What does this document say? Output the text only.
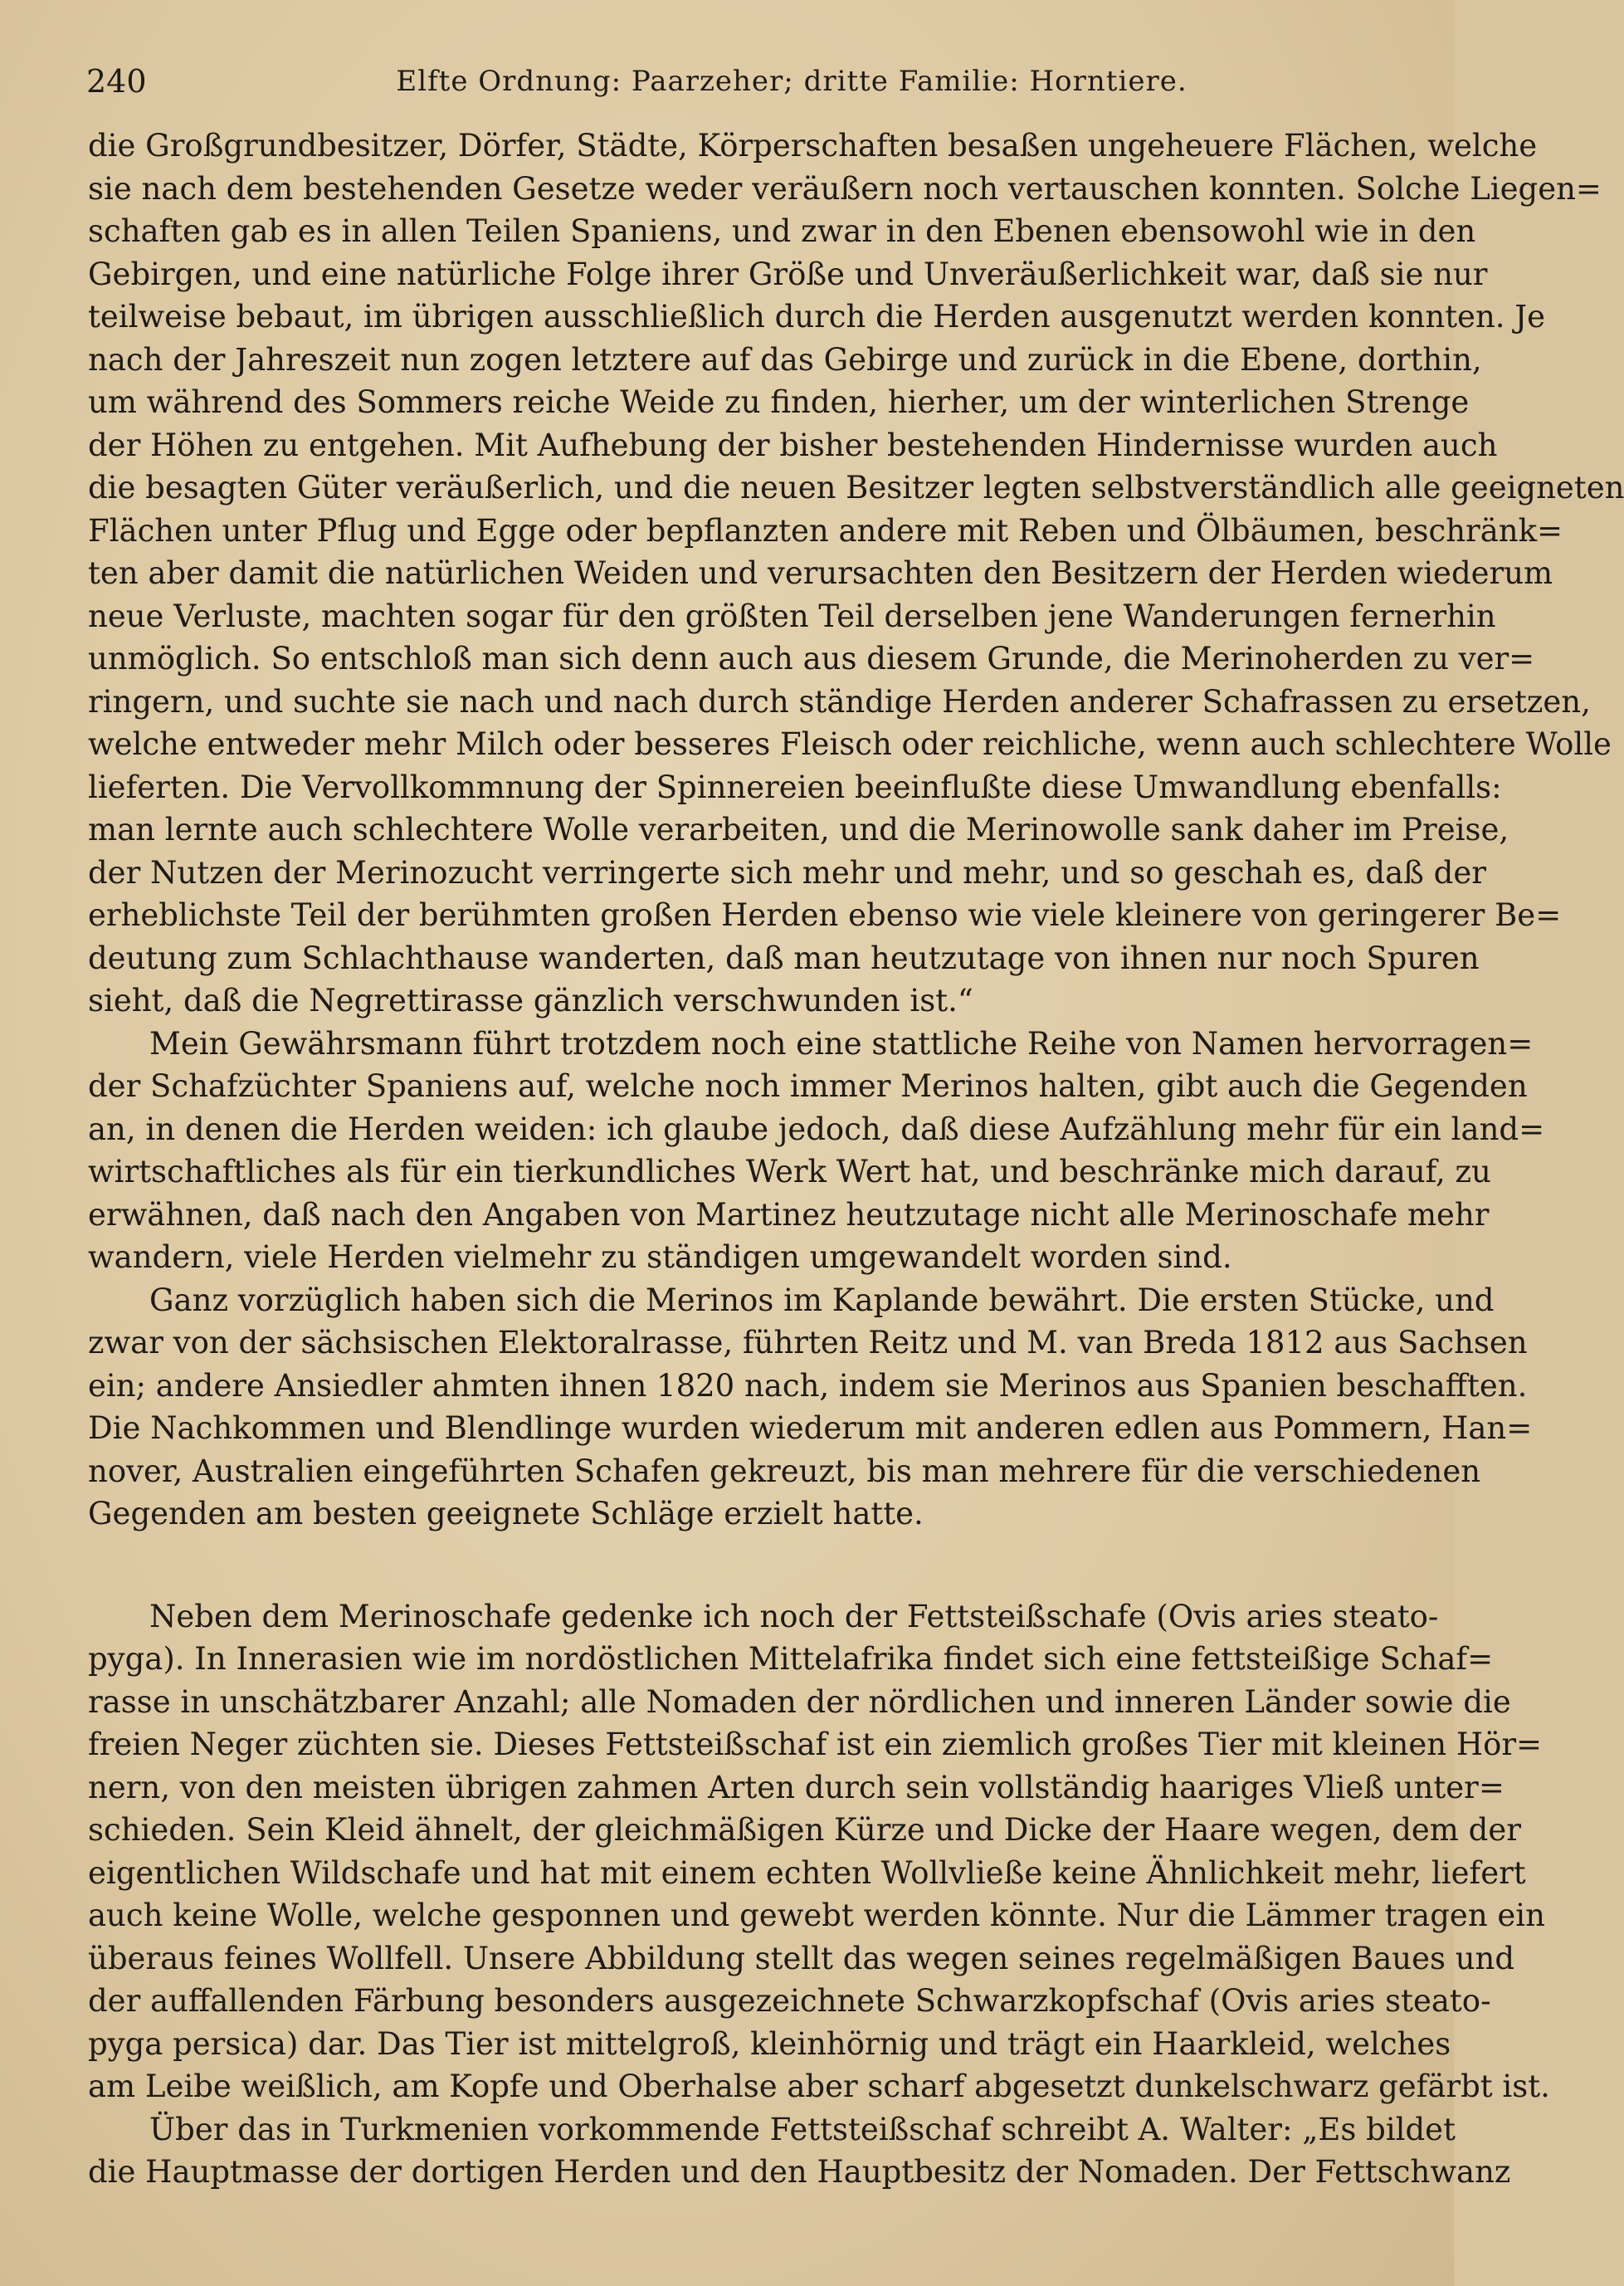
240	Elfte Ordnung: Paarzeher; dritte Familie: Horntiere.
die Großgrundbesitzer, Dörfer, Städte, Körperschaften besaßen ungeheuere Flächen, welche
sie nach dem bestehenden Gesetze weder veräußern noch vertauschen konnten. Solche Liegen=
schaften gab es in allen Teilen Spaniens, und zwar in den Ebenen ebensowohl wie in den
Gebirgen, und eine natürliche Folge ihrer Größe und Unveräußerlichkeit war, daß sie nur
teilweise bebaut, im übrigen ausschließlich durch die Herden ausgenutzt werden konnten. Je
nach der Jahreszeit nun zogen letztere auf das Gebirge und zurück in die Ebene, dorthin,
um während des Sommers reiche Weide zu finden, hierher, um der winterlichen Strenge
der Höhen zu entgehen. Mit Aufhebung der bisher bestehenden Hindernisse wurden auch
die besagten Güter veräußerlich, und die neuen Besitzer legten selbstverständlich alle geeigneten
Flächen unter Pflug und Egge oder bepflanzten andere mit Reben und Ölbäumen, beschränk=
ten aber damit die natürlichen Weiden und verursachten den Besitzern der Herden wiederum
neue Verluste, machten sogar für den größten Teil derselben jene Wanderungen fernerhin
unmöglich. So entschloß man sich denn auch aus diesem Grunde, die Merinoherden zu ver=
ringern, und suchte sie nach und nach durch ständige Herden anderer Schafrassen zu ersetzen,
welche entweder mehr Milch oder besseres Fleisch oder reichliche, wenn auch schlechtere Wolle
lieferten. Die Vervollkommnung der Spinnereien beeinflußte diese Umwandlung ebenfalls:
man lernte auch schlechtere Wolle verarbeiten, und die Merinowolle sank daher im Preise,
der Nutzen der Merinozucht verringerte sich mehr und mehr, und so geschah es, daß der
erheblichste Teil der berühmten großen Herden ebenso wie viele kleinere von geringerer Be=
deutung zum Schlachthause wanderten, daß man heutzutage von ihnen nur noch Spuren
sieht, daß die Negrettirasse gänzlich verschwunden ist.“
Mein Gewährsmann führt trotzdem noch eine stattliche Reihe von Namen hervorragen=
der Schafzüchter Spaniens auf, welche noch immer Merinos halten, gibt auch die Gegenden
an, in denen die Herden weiden: ich glaube jedoch, daß diese Aufzählung mehr für ein land=
wirtschaftliches als für ein tierkundliches Werk Wert hat, und beschränke mich darauf, zu
erwähnen, daß nach den Angaben von Martinez heutzutage nicht alle Merinoschafe mehr
wandern, viele Herden vielmehr zu ständigen umgewandelt worden sind.
Ganz vorzüglich haben sich die Merinos im Kaplande bewährt. Die ersten Stücke, und
zwar von der sächsischen Elektoralrasse, führten Reitz und M. van Breda 1812 aus Sachsen
ein; andere Ansiedler ahmten ihnen 1820 nach, indem sie Merinos aus Spanien beschafften.
Die Nachkommen und Blendlinge wurden wiederum mit anderen edlen aus Pommern, Han=
nover, Australien eingeführten Schafen gekreuzt, bis man mehrere für die verschiedenen
Gegenden am besten geeignete Schläge erzielt hatte.
Neben dem Merinoschafe gedenke ich noch der Fettsteißschafe (Ovis aries steato-
pyga). In Innerasien wie im nordöstlichen Mittelafrika findet sich eine fettsteißige Schaf=
rasse in unschätzbarer Anzahl; alle Nomaden der nördlichen und inneren Länder sowie die
freien Neger züchten sie. Dieses Fettsteißschaf ist ein ziemlich großes Tier mit kleinen Hör=
nern, von den meisten übrigen zahmen Arten durch sein vollständig haariges Vließ unter=
schieden. Sein Kleid ähnelt, der gleichmäßigen Kürze und Dicke der Haare wegen, dem der
eigentlichen Wildschafe und hat mit einem echten Wollvließe keine Ähnlichkeit mehr, liefert
auch keine Wolle, welche gesponnen und gewebt werden könnte. Nur die Lämmer tragen ein
überaus feines Wollfell. Unsere Abbildung stellt das wegen seines regelmäßigen Baues und
der auffallenden Färbung besonders ausgezeichnete Schwarzkopfschaf (Ovis aries steato-
pyga persica) dar. Das Tier ist mittelgroß, kleinhörnig und trägt ein Haarkleid, welches
am Leibe weißlich, am Kopfe und Oberhalse aber scharf abgesetzt dunkelschwarz gefärbt ist.
Über das in Turkmenien vorkommende Fettsteißschaf schreibt A. Walter: „Es bildet
die Hauptmasse der dortigen Herden und den Hauptbesitz der Nomaden. Der Fettschwanz
